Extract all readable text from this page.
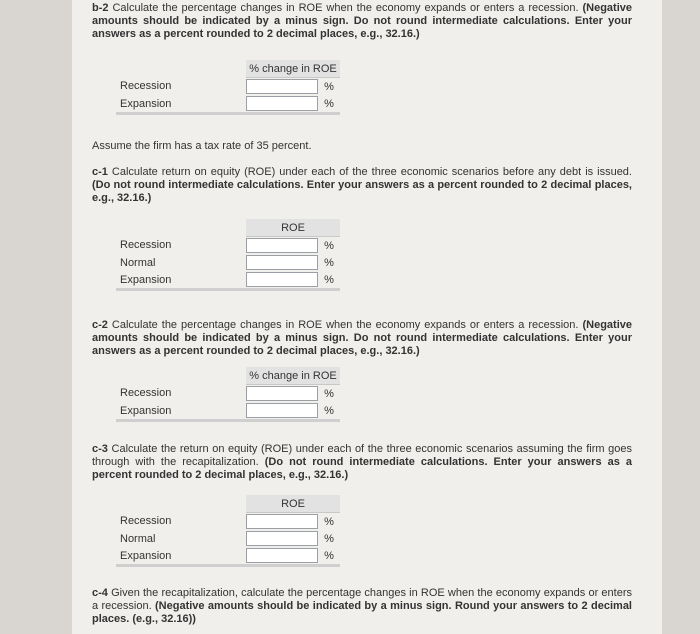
b-2 Calculate the percentage changes in ROE when the economy expands or enters a recession. (Negative amounts should be indicated by a minus sign. Do not round intermediate calculations. Enter your answers as a percent rounded to 2 decimal places, e.g., 32.16.)
	% change in ROE	
Recession		%
Expansion		%

Assume the firm has a tax rate of 35 percent.
c-1 Calculate return on equity (ROE) under each of the three economic scenarios before any debt is issued. (Do not round intermediate calculations. Enter your answers as a percent rounded to 2 decimal places, e.g., 32.16.)
	ROE	
Recession		%
Normal		%
Expansion		%

c-2 Calculate the percentage changes in ROE when the economy expands or enters a recession. (Negative amounts should be indicated by a minus sign. Do not round intermediate calculations. Enter your answers as a percent rounded to 2 decimal places, e.g., 32.16.)
	% change in ROE	
Recession		%
Expansion		%

c-3 Calculate the return on equity (ROE) under each of the three economic scenarios assuming the firm goes through with the recapitalization. (Do not round intermediate calculations. Enter your answers as a percent rounded to 2 decimal places, e.g., 32.16.)
	ROE	
Recession		%
Normal		%
Expansion		%

c-4 Given the recapitalization, calculate the percentage changes in ROE when the economy expands or enters a recession. (Negative amounts should be indicated by a minus sign. Round your answers to 2 decimal places. (e.g., 32.16))
